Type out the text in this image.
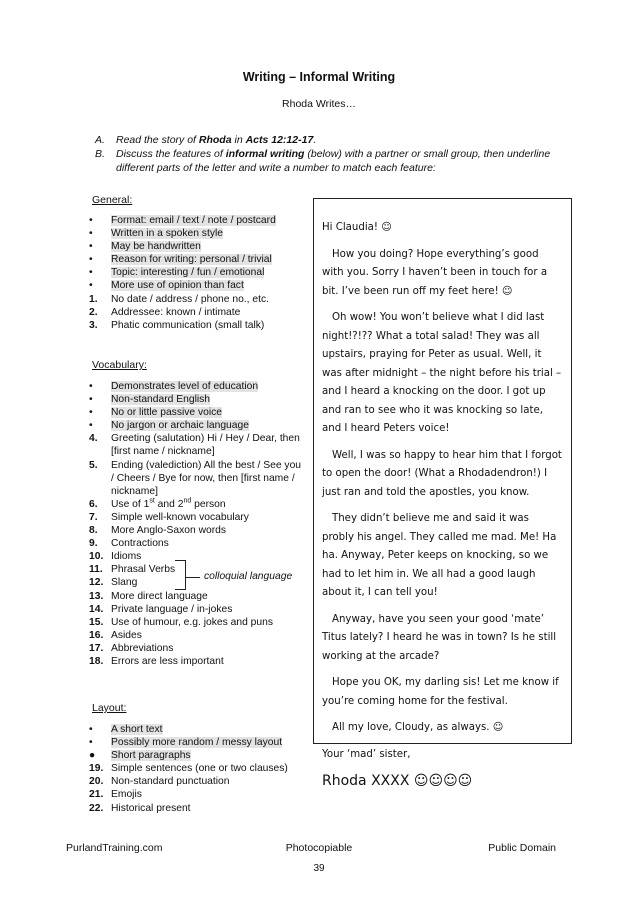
Writing – Informal Writing
Rhoda Writes…
A. Read the story of Rhoda in Acts 12:12-17.
B. Discuss the features of informal writing (below) with a partner or small group, then underline different parts of the letter and write a number to match each feature:
General:
•	Format: email / text / note / postcard
•	Written in a spoken style
•	May be handwritten
•	Reason for writing: personal / trivial
•	Topic: interesting / fun / emotional
•	More use of opinion than fact
1.	No date / address / phone no., etc.
2.	Addressee: known / intimate
3.	Phatic communication (small talk)
Vocabulary:
•	Demonstrates level of education
•	Non-standard English
•	No or little passive voice
•	No jargon or archaic language
4.	Greeting (salutation) Hi / Hey / Dear, then [first name / nickname]
5.	Ending (valediction) All the best / See you / Cheers / Bye for now, then [first name / nickname]
6.	Use of 1st and 2nd person
7.	Simple well-known vocabulary
8.	More Anglo-Saxon words
9.	Contractions
10. Idioms
11. Phrasal Verbs
12. Slang
13. More direct language
14. Private language / in-jokes
15. Use of humour, e.g. jokes and puns
16. Asides
17. Abbreviations
18. Errors are less important
colloquial language
Layout:
•	A short text
•	Possibly more random / messy layout
●	Short paragraphs
19. Simple sentences (one or two clauses)
20. Non-standard punctuation
21. Emojis
22. Historical present

Hi Claudia! ☺

How you doing? Hope everything’s good with you. Sorry I haven’t been in touch for a bit. I’ve been run off my feet here! ☺

Oh wow! You won’t believe what I did last night!?!?? What a total salad! They was all upstairs, praying for Peter as usual. Well, it was after midnight – the night before his trial – and I heard a knocking on the door. I got up and ran to see who it was knocking so late, and I heard Peters voice!

Well, I was so happy to hear him that I forgot to open the door! (What a Rhodadendron!) I just ran and told the apostles, you know.

They didn’t believe me and said it was probly his angel. They called me mad. Me! Ha ha. Anyway, Peter keeps on knocking, so we had to let him in. We all had a good laugh about it, I can tell you!

Anyway, have you seen your good ‘mate’ Titus lately? I heard he was in town? Is he still working at the arcade?

Hope you OK, my darling sis! Let me know if you’re coming home for the festival.

All my love, Cloudy, as always. ☺

Your ‘mad’ sister,

Rhoda XXXX ☺☺☺☺
PurlandTraining.com	Photocopiable	Public Domain
39
